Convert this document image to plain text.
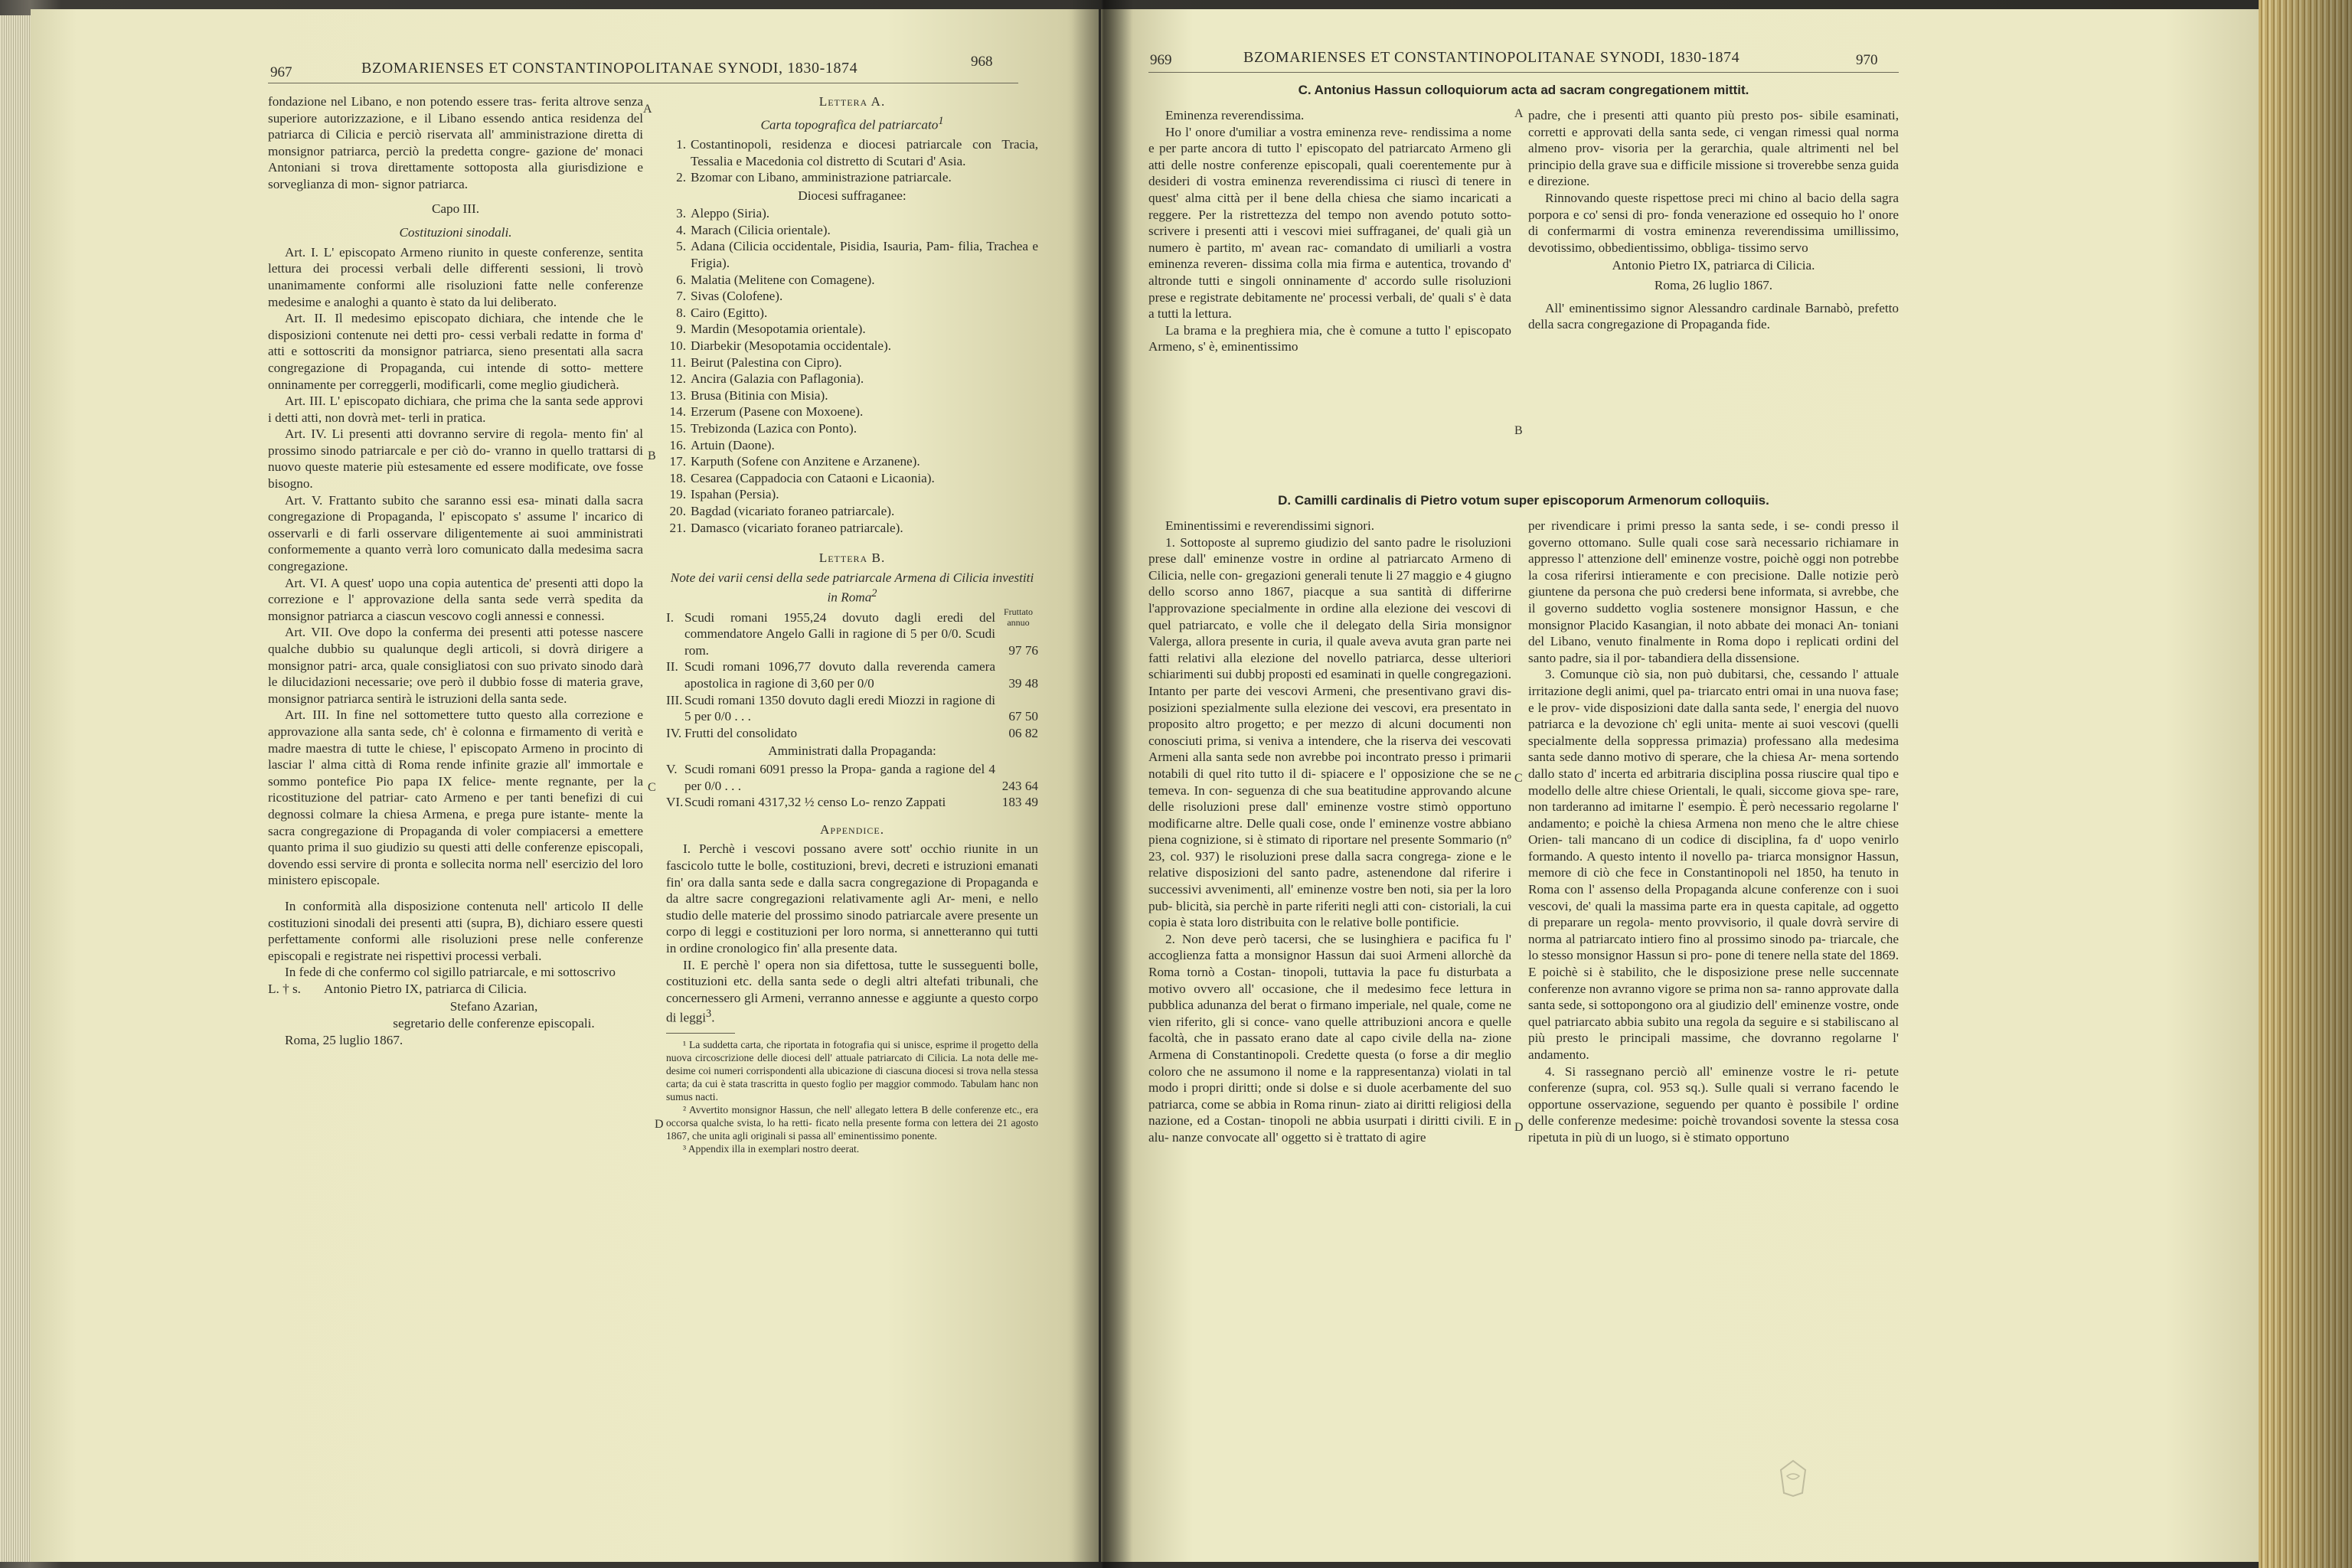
967	BZOMARIENSES ET CONSTANTINOPOLITANAE SYNODI, 1830-1874	968

fondazione nel Libano, e non potendo essere tras- ferita altrove senza superiore autorizzazione, e il Libano essendo antica residenza del patriarca di Cilicia e perciò riservata all' amministrazione diretta di monsignor patriarca, perciò la predetta congre- gazione de' monaci Antoniani si trova direttamente sottoposta alla giurisdizione e sorveglianza di mon- signor patriarca.

Capo III.

Costituzioni sinodali.

Art. I. L' episcopato Armeno riunito in queste conferenze, sentita lettura dei processi verbali delle differenti sessioni, li trovò unanimamente conformi alle risoluzioni fatte nelle conferenze medesime e analoghi a quanto è stato da lui deliberato.

Art. II. Il medesimo episcopato dichiara, che intende che le disposizioni contenute nei detti pro- cessi verbali redatte in forma d' atti e sottoscriti da monsignor patriarca, sieno presentati alla sacra congregazione di Propaganda, cui intende di sotto- mettere onninamente per correggerli, modificarli, come meglio giudicherà.

Art. III. L' episcopato dichiara, che prima che la santa sede approvi i detti atti, non dovrà met- terli in pratica.

Art. IV. Li presenti atti dovranno servire di regola- mento fin' al prossimo sinodo patriarcale e per ciò do- vranno in quello trattarsi di nuovo queste materie più estesamente ed essere modificate, ove fosse bisogno.

Art. V. Frattanto subito che saranno essi esa- minati dalla sacra congregazione di Propaganda, l' episcopato s' assume l' incarico di osservarli e di farli osservare diligentemente ai suoi amministrati conformemente a quanto verrà loro comunicato dalla medesima sacra congregazione.

Art. VI. A quest' uopo una copia autentica de' presenti atti dopo la correzione e l' approvazione della santa sede verrà spedita da monsignor patriarca a ciascun vescovo cogli annessi e connessi.

Art. VII. Ove dopo la conferma dei presenti atti potesse nascere qualche dubbio su qualunque degli articoli, si dovrà dirigere a monsignor patri- arca, quale consigliatosi con suo privato sinodo darà le dilucidazioni necessarie; ove però il dubbio fosse di materia grave, monsignor patriarca sentirà le istruzioni della santa sede.

Art. III. In fine nel sottomettere tutto questo alla correzione e approvazione alla santa sede, ch' è colonna e firmamento di verità e madre maestra di tutte le chiese, l' episcopato Armeno in procinto di lasciar l' alma città di Roma rende infinite grazie all' immortale e sommo pontefice Pio papa IX felice- mente regnante, per la ricostituzione del patriar- cato Armeno e per tanti benefizi di cui degnossi colmare la chiesa Armena, e prega pure istante- mente la sacra congregazione di Propaganda di voler compiacersi a emettere quanto prima il suo giudizio su questi atti delle conferenze episcopali, dovendo essi servire di pronta e sollecita norma nell' esercizio del loro ministero episcopale.

In conformità alla disposizione contenuta nell' articolo II delle costituzioni sinodali dei presenti atti (supra, B), dichiaro essere questi perfettamente conformi alle risoluzioni prese nelle conferenze episcopali e registrate nei rispettivi processi verbali.

In fede di che confermo col sigillo patriarcale, e mi sottoscrivo

L. † s. Antonio Pietro IX, patriarca di Cilicia.

Stefano Azarian,

segretario delle conferenze episcopali.

Roma, 25 luglio 1867.

A
B
C
D

Lettera A.

Carta topografica del patriarcato$^1$

1. Costantinopoli, residenza e diocesi patriarcale con Tracia, Tessalia e Macedonia col distretto di Scutari d' Asia.
2. Bzomar con Libano, amministrazione patriarcale.

Diocesi suffraganee:

3. Aleppo (Siria).
4. Marach (Cilicia orientale).
5. Adana (Cilicia occidentale, Pisidia, Isauria, Pam- filia, Trachea e Frigia).
6. Malatia (Melitene con Comagene).
7. Sivas (Colofene).
8. Cairo (Egitto).
9. Mardin (Mesopotamia orientale).
10. Diarbekir (Mesopotamia occidentale).
11. Beirut (Palestina con Cipro).
12. Ancira (Galazia con Paflagonia).
13. Brusa (Bitinia con Misia).
14. Erzerum (Pasene con Moxoene).
15. Trebizonda (Lazica con Ponto).
16. Artuin (Daone).
17. Karputh (Sofene con Anzitene e Arzanene).
18. Cesarea (Cappadocia con Cataoni e Licaonia).
19. Ispahan (Persia).
20. Bagdad (vicariato foraneo patriarcale).
21. Damasco (vicariato foraneo patriarcale).

Lettera B.

Note dei varii censi della sede patriarcale Armena di Cilicia investiti in Roma$^2$

Fruttato annuo
I. Scudi romani 1955,24 dovuto dagli eredi del commendatore Angelo Galli in ragione di 5 per 0/0. Scudi rom.	97 76
II. Scudi romani 1096,77 dovuto dalla reverenda camera apostolica in ragione di 3,60 per 0/0	39 48
III. Scudi romani 1350 dovuto dagli eredi Miozzi in ragione di 5 per 0/0 . . .	67 50
IV. Frutti del consolidato	06 82

Amministrati dalla Propaganda:

V. Scudi romani 6091 presso la Propa- ganda a ragione del 4 per 0/0 . . .	243 64
VI. Scudi romani 4317,32 ½ censo Lo- renzo Zappati	183 49

Appendice.

I. Perchè i vescovi possano avere sott' occhio riunite in un fascicolo tutte le bolle, costituzioni, brevi, decreti e istruzioni emanati fin' ora dalla santa sede e dalla sacra congregazione di Propaganda e da altre sacre congregazioni relativamente agli Ar- meni, e nello studio delle materie del prossimo sinodo patriarcale avere presente un corpo di leggi e costituzioni per loro norma, si annetteranno qui tutti in ordine cronologico fin' alla presente data.

II. E perchè l' opera non sia difettosa, tutte le susseguenti bolle, costituzioni etc. della santa sede o degli altri altefati tribunali, che concernessero gli Armeni, verranno annesse e aggiunte a questo corpo di leggi$^3$.

¹ La suddetta carta, che riportata in fotografia qui si unisce, esprime il progetto della nuova circoscrizione delle diocesi dell' attuale patriarcato di Cilicia. La nota delle me- desime coi numeri corrispondenti alla ubicazione di ciascuna diocesi si trova nella stessa carta; da cui è stata trascritta in questo foglio per maggior commodo. Tabulam hanc non sumus nacti.

² Avvertito monsignor Hassun, che nell' allegato lettera B delle conferenze etc., era occorsa qualche svista, lo ha retti- ficato nella presente forma con lettera dei 21 agosto 1867, che unita agli originali si passa all' eminentissimo ponente.

³ Appendix illa in exemplari nostro deerat.

969	BZOMARIENSES ET CONSTANTINOPOLITANAE SYNODI, 1830-1874	970
C. Antonius Hassun colloquiorum acta ad sacram congregationem mittit.

Eminenza reverendissima.

Ho l' onore d'umiliar a vostra eminenza reve- rendissima a nome e per parte ancora di tutto l' episcopato del patriarcato Armeno gli atti delle nostre conferenze episcopali, quali coerentemente pur à desideri di vostra eminenza reverendissima ci riuscì di tenere in quest' alma città per il bene della chiesa che siamo incaricati a reggere. Per la ristrettezza del tempo non avendo potuto sotto- scrivere i presenti atti i vescovi miei suffraganei, de' quali già un numero è partito, m' avean rac- comandato di umiliarli a vostra eminenza reveren- dissima colla mia firma e autentica, trovando d' altronde tutti e singoli onninamente d' accordo sulle risoluzioni prese e registrate debitamente ne' processi verbali, de' quali s' è data a tutti la lettura.

La brama e la preghiera mia, che è comune a tutto l' episcopato Armeno, s' è, eminentissimo

A
B

padre, che i presenti atti quanto più presto pos- sibile esaminati, corretti e approvati della santa sede, ci vengan rimessi qual norma almeno prov- visoria per la gerarchia, quale altrimenti nel bel principio della grave sua e difficile missione si troverebbe senza guida e direzione.

Rinnovando queste rispettose preci mi chino al bacio della sagra porpora e co' sensi di pro- fonda venerazione ed ossequio ho l' onore di confermarmi di vostra eminenza reverendissima umillissimo, devotissimo, obbedientissimo, obbliga- tissimo servo

Antonio Pietro IX, patriarca di Cilicia.

Roma, 26 luglio 1867.

All' eminentissimo signor Alessandro cardinale Barnabò, prefetto della sacra congregazione di Propaganda fide.

D. Camilli cardinalis di Pietro votum super episcoporum Armenorum colloquiis.

Eminentissimi e reverendissimi signori.

1. Sottoposte al supremo giudizio del santo padre le risoluzioni prese dall' eminenze vostre in ordine al patriarcato Armeno di Cilicia, nelle con- gregazioni generali tenute li 27 maggio e 4 giugno dello scorso anno 1867, piacque a sua santità di differirne l'approvazione specialmente in ordine alla elezione dei vescovi di quel patriarcato, e volle che il delegato della Siria monsignor Valerga, allora presente in curia, il quale aveva avuta gran parte nei fatti relativi alla elezione del novello patriarca, desse ulteriori schiarimenti sui dubbj proposti ed esaminati in quelle congregazioni. Intanto per parte dei vescovi Armeni, che presentivano gravi dis- posizioni spezialmente sulla elezione dei vescovi, era presentato in proposito altro progetto; e per mezzo di alcuni documenti non conosciuti prima, si veniva a intendere, che la riserva dei vescovati Armeni alla santa sede non avrebbe poi incontrato presso i primarii notabili di quel rito tutto il di- spiacere e l' opposizione che se ne temeva. In con- seguenza di che sua beatitudine approvando alcune delle risoluzioni prese dall' eminenze vostre stimò opportuno modificarne altre. Delle quali cose, onde l' eminenze vostre abbiano piena cognizione, si è stimato di riportare nel presente Sommario (nº 23, col. 937) le risoluzioni prese dalla sacra congrega- zione e le relative disposizioni del santo padre, astenendone dal riferire i successivi avvenimenti, all' eminenze vostre ben noti, sia per la loro pub- blicità, sia perchè in parte riferiti negli atti con- cistoriali, la cui copia è stata loro distribuita con le relative bolle pontificie.

2. Non deve però tacersi, che se lusinghiera e pacifica fu l' accoglienza fatta a monsignor Hassun dai suoi Armeni allorchè da Roma tornò a Costan- tinopoli, tuttavia la pace fu disturbata a motivo ovvero all' occasione, che il medesimo fece lettura in pubblica adunanza del berat o firmano imperiale, nel quale, come ne vien riferito, gli si conce- vano quelle attribuzioni ancora e quelle facoltà, che in passato erano date al capo civile della na- zione Armena di Constantinopoli. Credette questa (o forse a dir meglio coloro che ne assumono il nome e la rappresentanza) violati in tal modo i propri diritti; onde si dolse e si duole acerbamente del suo patriarca, come se abbia in Roma rinun- ziato ai diritti religiosi della nazione, ed a Costan- tinopoli ne abbia usurpati i diritti civili. E in alu- nanze convocate all' oggetto si è trattato di agire

C
D

per rivendicare i primi presso la santa sede, i se- condi presso il governo ottomano. Sulle quali cose sarà necessario richiamare in appresso l' attenzione dell' eminenze vostre, poichè oggi non potrebbe la cosa riferirsi intieramente e con precisione. Dalle notizie però giuntene da persona che può credersi bene informata, si avrebbe, che il governo suddetto voglia sostenere monsignor Hassun, e che monsignor Placido Kasangian, il noto abbate dei monaci An- toniani del Libano, venuto finalmente in Roma dopo i replicati ordini del santo padre, sia il por- tabandiera della dissensione.

3. Comunque ciò sia, non può dubitarsi, che, cessando l' attuale irritazione degli animi, quel pa- triarcato entri omai in una nuova fase; e le prov- vide disposizioni date dalla santa sede, l' energia del nuovo patriarca e la devozione ch' egli unita- mente ai suoi vescovi (quelli specialmente della soppressa primazia) professano alla medesima santa sede danno motivo di sperare, che la chiesa Ar- mena sortendo dallo stato d' incerta ed arbitraria disciplina possa riuscire qual tipo e modello delle altre chiese Orientali, le quali, siccome giova spe- rare, non tarderanno ad imitarne l' esempio. È però necessario regolarne l' andamento; e poichè la chiesa Armena non meno che le altre chiese Orien- tali mancano di un codice di disciplina, fa d' uopo venirlo formando. A questo intento il novello pa- triarca monsignor Hassun, memore di ciò che fece in Constantinopoli nel 1850, ha tenuto in Roma con l' assenso della Propaganda alcune conferenze con i suoi vescovi, de' quali la massima parte era in questa capitale, ad oggetto di preparare un regola- mento provvisorio, il quale dovrà servire di norma al patriarcato intiero fino al prossimo sinodo pa- triarcale, che lo stesso monsignor Hassun si pro- pone di tenere nella state del 1869. E poichè si è stabilito, che le disposizione prese nelle succennate conferenze non avranno vigore se prima non sa- ranno approvate dalla santa sede, si sottopongono ora al giudizio dell' eminenze vostre, onde quel patriarcato abbia subito una regola da seguire e si stabiliscano al più presto le principali massime, che dovranno regolarne l' andamento.

4. Si rassegnano perciò all' eminenze vostre le ri- petute conferenze (supra, col. 953 sq.). Sulle quali si verrano facendo le opportune osservazione, seguendo per quanto è possibile l' ordine delle conferenze medesime: poichè trovandosi sovente la stessa cosa ripetuta in più di un luogo, si è stimato opportuno
